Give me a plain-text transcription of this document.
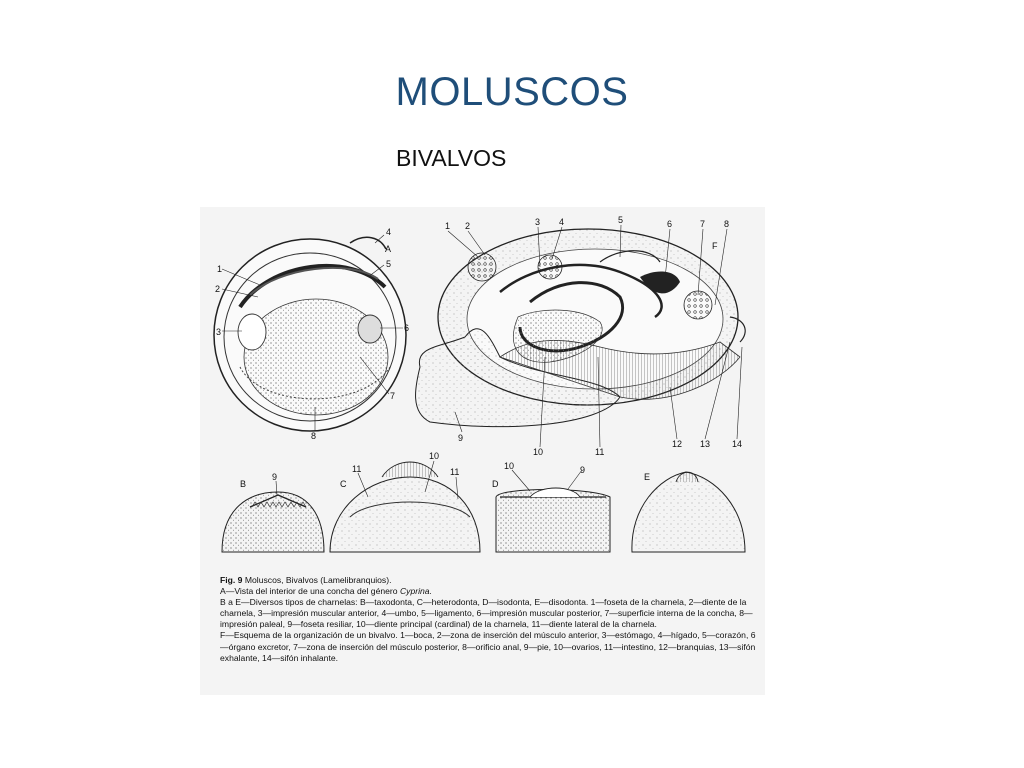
MOLUSCOS
BIVALVOS
A
1
2
3
4
5
6
7
8
F
1 2	3 4	5	6	7 8
9
10	11
12 13 14
B
9
C
11
10
11
D
10	9
E
Fig. 9 Moluscos, Bivalvos (Lamelibranquios).
A—Vista del interior de una concha del género Cyprina.
B a E—Diversos tipos de charnelas: B—taxodonta, C—heterodonta, D—isodonta, E—disodonta. 1—foseta de la charnela, 2—diente de la charnela, 3—impresión muscular anterior, 4—umbo, 5—ligamento, 6—impresión muscular posterior, 7—superficie interna de la concha, 8—impresión paleal, 9—foseta resiliar, 10—diente principal (cardinal) de la charnela, 11—diente lateral de la charnela.
F—Esquema de la organización de un bivalvo. 1—boca, 2—zona de inserción del músculo anterior, 3—estómago, 4—hígado, 5—corazón, 6—órgano excretor, 7—zona de inserción del músculo posterior, 8—orificio anal, 9—pie, 10—ovarios, 11—intestino, 12—branquias, 13—sifón exhalante, 14—sifón inhalante.
